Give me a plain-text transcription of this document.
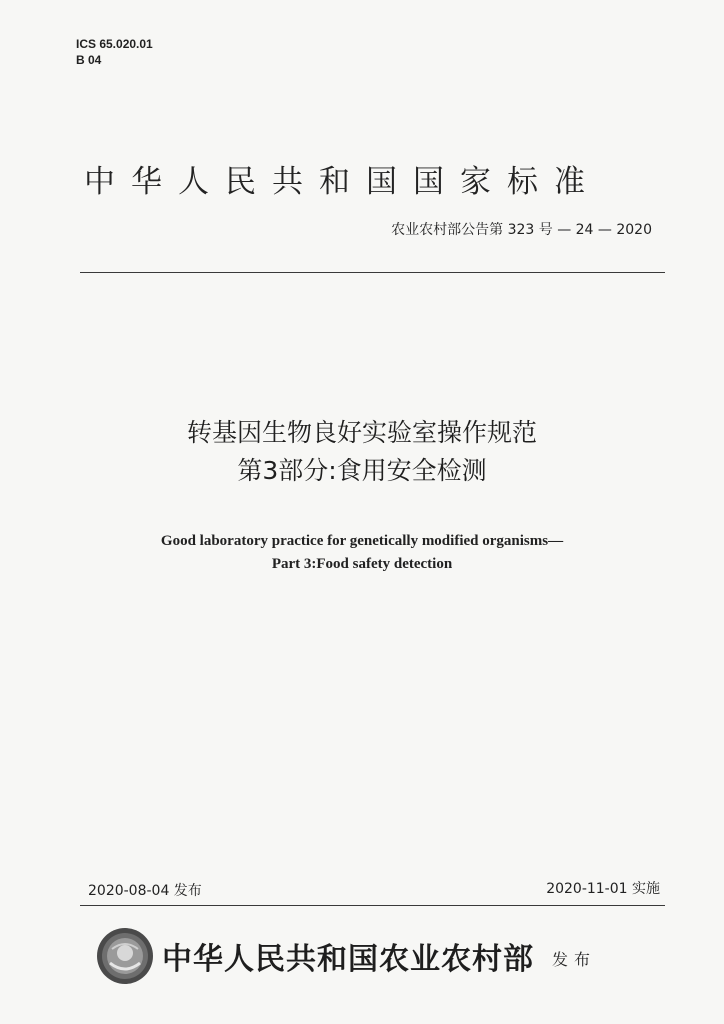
ICS 65.020.01
B 04
中华人民共和国国家标准
农业农村部公告第 323 号 — 24 — 2020
转基因生物良好实验室操作规范
第3部分:食用安全检测
Good laboratory practice for genetically modified organisms—
Part 3:Food safety detection
2020-08-04 发布	2020-11-01 实施
中华人民共和国农业农村部 发布
